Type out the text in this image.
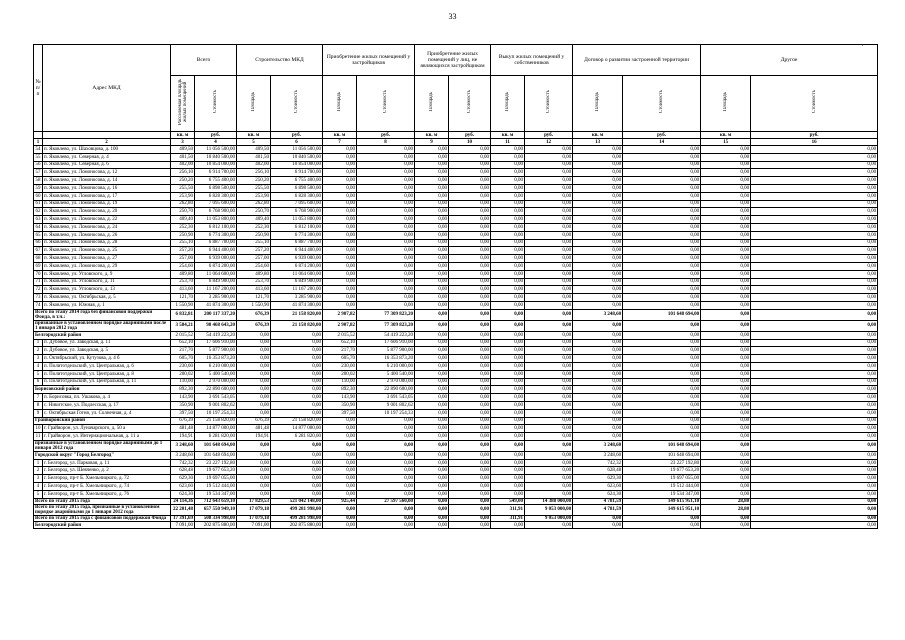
33
.
№ п/п	Адрес МКД	Всего		Строительство МКД		Приобретение жилых помещений у застройщиков		Приобретение жилых помещений у лиц, не являющихся застройщиком		Выкуп жилых помещений у собственников		Договор о развитии застроенной территории		Другое	
		Расселяемая площадь жилых помещений	Стоимость	Площадь	Стоимость	Площадь	Стоимость	Площадь	Стоимость	Площадь	Стоимость	Площадь	Стоимость	Площадь	Стоимость
		кв. м	руб.	кв. м	руб.	кв. м	руб.	кв. м	руб.	кв. м	руб.	кв. м	руб.	кв. м	руб.
1	2	3	4	5	6	7	8	9	10	11	12	13	14	15	16
54	п. Яковлево, ул. Шаховцова, д. 100	409,50	11 056 500,00	409,50	11 056 500,00	0,00	0,00	0,00	0,00	0,00	0,00	0,00	0,00	0,00	0,00
55	п. Яковлево, ул. Северная, д. 4	401,50	10 840 500,00	401,50	10 840 500,00	0,00	0,00	0,00	0,00	0,00	0,00	0,00	0,00	0,00	0,00
56	п. Яковлево, ул. Северная, д. 6	402,00	10 854 000,00	402,00	10 854 000,00	0,00	0,00	0,00	0,00	0,00	0,00	0,00	0,00	0,00	0,00
57	п. Яковлево, ул. Ломоносова, д. 12	256,10	6 914 700,00	256,10	6 914 700,00	0,00	0,00	0,00	0,00	0,00	0,00	0,00	0,00	0,00	0,00
58	п. Яковлево, ул. Ломоносова, д. 14	250,20	6 755 400,00	250,20	6 755 400,00	0,00	0,00	0,00	0,00	0,00	0,00	0,00	0,00	0,00	0,00
59	п. Яковлево, ул. Ломоносова, д. 16	255,50	6 898 500,00	255,50	6 898 500,00	0,00	0,00	0,00	0,00	0,00	0,00	0,00	0,00	0,00	0,00
60	п. Яковлево, ул. Ломоносова, д. 17	253,90	6 828 300,00	253,90	6 828 300,00	0,00	0,00	0,00	0,00	0,00	0,00	0,00	0,00	0,00	0,00
61	п. Яковлево, ул. Ломоносова, д. 19	262,80	7 095 600,00	262,80	7 095 600,00	0,00	0,00	0,00	0,00	0,00	0,00	0,00	0,00	0,00	0,00
62	п. Яковлево, ул. Ломоносова, д. 20	250,70	6 768 900,00	250,70	6 768 900,00	0,00	0,00	0,00	0,00	0,00	0,00	0,00	0,00	0,00	0,00
63	п. Яковлево, ул. Ломоносова, д. 22	409,40	11 053 800,00	409,40	11 053 800,00	0,00	0,00	0,00	0,00	0,00	0,00	0,00	0,00	0,00	0,00
64	п. Яковлево, ул. Ломоносова, д. 24	252,30	6 812 100,00	252,30	6 812 100,00	0,00	0,00	0,00	0,00	0,00	0,00	0,00	0,00	0,00	0,00
65	п. Яковлево, ул. Ломоносова, д. 26	250,90	6 774 300,00	250,90	6 774 300,00	0,00	0,00	0,00	0,00	0,00	0,00	0,00	0,00	0,00	0,00
66	п. Яковлево, ул. Ломоносова, д. 28	255,10	6 887 700,00	255,10	6 887 700,00	0,00	0,00	0,00	0,00	0,00	0,00	0,00	0,00	0,00	0,00
67	п. Яковлево, ул. Ломоносова, д. 25	257,20	6 944 400,00	257,20	6 944 400,00	0,00	0,00	0,00	0,00	0,00	0,00	0,00	0,00	0,00	0,00
68	п. Яковлево, ул. Ломоносова, д. 27	257,00	6 939 000,00	257,00	6 939 000,00	0,00	0,00	0,00	0,00	0,00	0,00	0,00	0,00	0,00	0,00
69	п. Яковлево, ул. Ломоносова, д. 29	254,60	6 874 200,00	254,60	6 874 200,00	0,00	0,00	0,00	0,00	0,00	0,00	0,00	0,00	0,00	0,00
70	п. Яковлево, ул. Угловского, д. 9	409,80	11 064 600,00	409,80	11 064 600,00	0,00	0,00	0,00	0,00	0,00	0,00	0,00	0,00	0,00	0,00
71	п. Яковлево, ул. Угловского, д. 11	253,70	6 849 900,00	253,70	6 849 900,00	0,00	0,00	0,00	0,00	0,00	0,00	0,00	0,00	0,00	0,00
72	п. Яковлево, ул. Угловского, д. 13	413,60	11 167 200,00	413,60	11 167 200,00	0,00	0,00	0,00	0,00	0,00	0,00	0,00	0,00	0,00	0,00
73	п. Яковлево, ул. Октябрьская, д. 5	121,70	3 285 900,00	121,70	3 285 900,00	0,00	0,00	0,00	0,00	0,00	0,00	0,00	0,00	0,00	0,00
74	п. Яковлево, ул. Южная, д. 1	1 550,90	41 874 300,00	1 550,90	41 874 300,00	0,00	0,00	0,00	0,00	0,00	0,00	0,00	0,00	0,00	0,00
Всего по этапу 2014 года без финансовой поддержки Фонда, в т.ч.:		6 832,81	200 117 337,20	676,39	21 158 820,00	2 907,82	77 309 823,20	0,00	0,00	0,00	0,00	3 248,60	101 648 694,00	0,00	0,00
признанные в установленном порядке аварийными после 1 января 2012 года		3 584,21	98 468 643,20	676,39	21 158 820,00	2 907,82	77 309 823,20	0,00	0,00	0,00	0,00	0,00	0,00	0,00	0,00
Белгородский район		2 015,52	54 419 223,20	0,00	0,00	2 015,52	54 419 223,20	0,00	0,00	0,00	0,00	0,00	0,00	0,00	0,00
1	п. Дубовое, ул. Заводская, д. 11	652,10	17 606 910,00	0,00	0,00	652,10	17 606 910,00	0,00	0,00	0,00	0,00	0,00	0,00	0,00	0,00
2	п. Дубовое, ул. Заводская, д. 5	217,70	5 877 900,00	0,00	0,00	217,70	5 877 900,00	0,00	0,00	0,00	0,00	0,00	0,00	0,00	0,00
3	п. Октябрьский, ул. Кутузова, д. 4 б	605,70	16 353 873,20	0,00	0,00	605,70	16 353 873,20	0,00	0,00	0,00	0,00	0,00	0,00	0,00	0,00
4	п. Политотдельский, ул. Центральная, д. 6	230,00	6 210 000,00	0,00	0,00	230,00	6 210 000,00	0,00	0,00	0,00	0,00	0,00	0,00	0,00	0,00
5	п. Политотдельский, ул. Центральная, д. 8	200,02	5 400 540,00	0,00	0,00	200,02	5 400 540,00	0,00	0,00	0,00	0,00	0,00	0,00	0,00	0,00
6	п. Политотдельский, ул. Центральная, д. 11	110,00	2 970 000,00	0,00	0,00	110,00	2 970 000,00	0,00	0,00	0,00	0,00	0,00	0,00	0,00	0,00
Борисовский район		892,30	22 890 600,00	0,00	0,00	892,30	22 890 600,00	0,00	0,00	0,00	0,00	0,00	0,00	0,00	0,00
7	п. Борисовка, пл. Ушакова, д. 4	143,90	3 691 543,05	0,00	0,00	143,90	3 691 543,05	0,00	0,00	0,00	0,00	0,00	0,00	0,00	0,00
8	с. Никитское, ул. Подлесская, д. 17	350,90	9 001 802,62	0,00	0,00	350,90	9 001 802,62	0,00	0,00	0,00	0,00	0,00	0,00	0,00	0,00
9	с. Октябрьская Готня, ул. Солнечная, д. 4	397,50	10 197 254,33	0,00	0,00	397,50	10 197 254,33	0,00	0,00	0,00	0,00	0,00	0,00	0,00	0,00
Грайворонский район		676,39	21 158 820,00	676,39	21 158 820,00	0,00	0,00	0,00	0,00	0,00	0,00	0,00	0,00	0,00	0,00
10	г. Грайворон, ул. Луначарского, д. 50 а	481,48	14 877 000,00	481,48	14 877 000,00	0,00	0,00	0,00	0,00	0,00	0,00	0,00	0,00	0,00	0,00
11	г. Грайворон, ул. Интернациональная, д. 11 а	194,91	6 281 820,00	194,91	6 281 820,00	0,00	0,00	0,00	0,00	0,00	0,00	0,00	0,00	0,00	0,00
признанные в установленном порядке аварийными до 1 января 2012 года		3 248,60	101 648 694,00	0,00	0,00	0,00	0,00	0,00	0,00	0,00	0,00	3 248,60	101 648 694,00	0,00	0,00
Городской округ "Город Белгород"		3 248,60	101 648 694,00	0,00	0,00	0,00	0,00	0,00	0,00	0,00	0,00	3 248,60	101 648 694,00	0,00	0,00
1	г. Белгород, ул. Парковая, д. 11	742,32	23 227 192,80	0,00	0,00	0,00	0,00	0,00	0,00	0,00	0,00	742,32	23 227 192,80	0,00	0,00
2	г. Белгород, ул. Шевченко, д. 2	628,48	19 677 653,20	0,00	0,00	0,00	0,00	0,00	0,00	0,00	0,00	628,48	19 677 653,20	0,00	0,00
3	г. Белгород, пр-т Б. Хмельницкого, д. 72	629,30	19 697 055,00	0,00	0,00	0,00	0,00	0,00	0,00	0,00	0,00	629,30	19 697 055,00	0,00	0,00
4	г. Белгород, пр-т Б. Хмельницкого, д. 74	623,60	19 512 444,00	0,00	0,00	0,00	0,00	0,00	0,00	0,00	0,00	623,60	19 512 444,00	0,00	0,00
5	г. Белгород, пр-т Б. Хмельницкого, д. 76	624,30	19 534 347,00	0,00	0,00	0,00	0,00	0,00	0,00	0,00	0,00	624,30	19 534 347,00	0,00	0,00
Всего по этапу 2015 года		24 114,36	712 643 659,10	17 829,53	521 042 148,00	925,44	27 597 560,00	0,00	0,00	549,00	14 388 000,00	4 781,59	149 615 951,10	28,80	0,00
Всего по этапу 2015 года, признанные в установленном порядке аварийными до 1 января 2012 года		22 201,48	657 550 949,10	17 079,18	499 281 998,00	0,00	0,00	0,00	0,00	311,91	9 053 000,00	4 781,59	149 615 951,10	28,80	0,00
Всего по этапу 2015 года с финансовой поддержкой Фонда		17 391,69	508 334 998,00	17 079,18	499 281 998,00	0,00	0,00	0,00	0,00	311,91	9 053 000,00	0,00	0,00	0,00	0,00
Белгородский район		7 091,00	202 875 880,00	7 091,00	202 875 880,00	0,00	0,00	0,00	0,00	0,00	0,00	0,00	0,00	0,00	0,00
